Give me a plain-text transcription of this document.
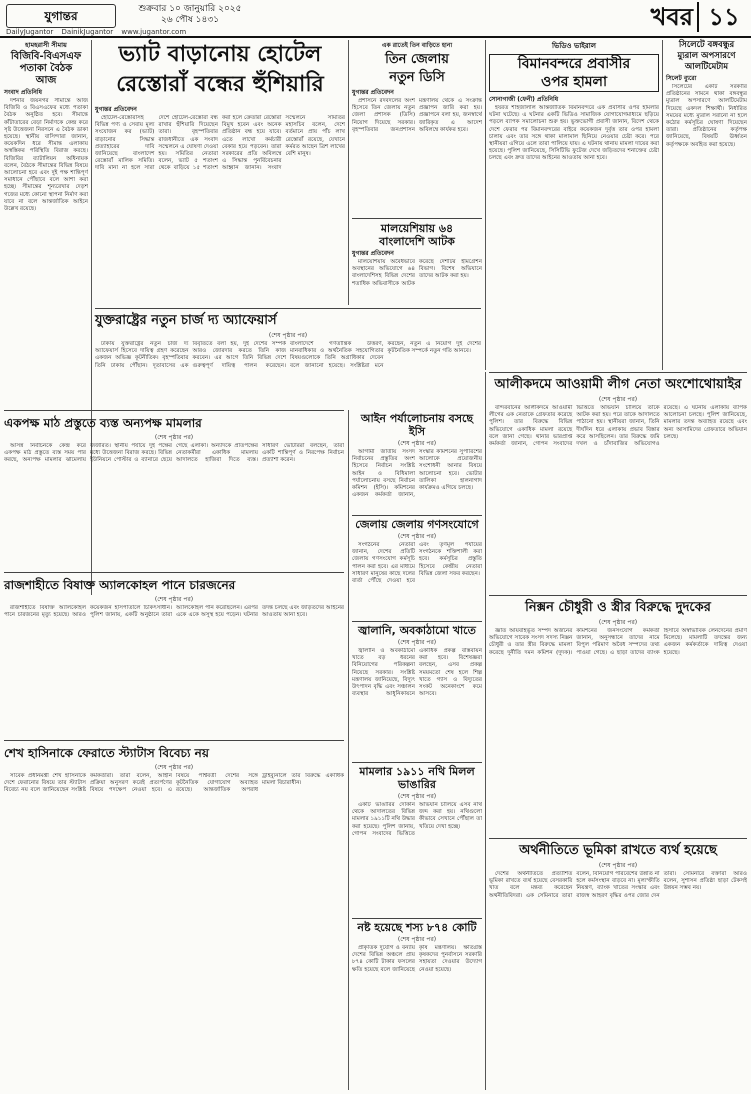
যুগান্তর	শুক্রবার ১০ জানুয়ারি ২০২৫
২৬ পৌষ ১৪৩১
DailyJugantor DainikJugantor www.jugantor.com
খবর ১১
হামহরাসী সীমায়
বিজিবি-বিএসএফ
পতাকা বৈঠক
আজ
সংবাদ প্রতিনিধি

দর্শনার জয়নগর সীমান্তে আজ বিজিবি ও বিএসএফের মধ্যে পতাকা বৈঠক অনুষ্ঠিত হবে। সীমান্তে কাঁটাতারের বেড়া নির্মাণকে কেন্দ্র করে সৃষ্ট উত্তেজনা নিরসনে এ বৈঠক ডাকা হয়েছে। স্থানীয় বাসিন্দারা জানান, কয়েকদিন ধরে সীমান্ত এলাকায় অস্বস্তিকর পরিস্থিতি বিরাজ করছে। বিজিবির ব্যাটালিয়ন অধিনায়ক বলেন, বৈঠকে সীমান্তের বিভিন্ন বিষয়ে আলোচনা হবে এবং দুই পক্ষ শান্তিপূর্ণ সমাধানে পৌঁছাবে বলে আশা করা হচ্ছে। সীমান্তের শূন্যরেখার দেড়শ গজের মধ্যে কোনো স্থাপনা নির্মাণ করা যাবে না বলে আন্তর্জাতিক আইনে উল্লেখ রয়েছে।

ভ্যাট বাড়ানোয় হোটেল
রেস্তোরাঁ বন্ধের হুঁশিয়ারি
যুগান্তর প্রতিবেদন

হোটেল-রেস্তোরাঁসহ বিভিন্ন পণ্য ও সেবায় মূল্য সংযোজন কর (ভ্যাট) বাড়ানোর সিদ্ধান্ত প্রত্যাহারের দাবি জানিয়েছে বাংলাদেশ রেস্তোরাঁ মালিক সমিতি। দাবি মানা না হলে সারা দেশে হোটেল-রেস্তোরাঁ বন্ধ রাখার হুঁশিয়ারি দিয়েছেন তারা। বৃহস্পতিবার রাজধানীতে এক সংবাদ সম্মেলনে এ ঘোষণা দেওয়া হয়। সমিতির নেতারা বলেন, ভ্যাট ৫ শতাংশ থেকে বাড়িয়ে ১৫ শতাংশ করা হলে ক্রেতারা রেস্তোরাঁ বিমুখ হবেন এবং অনেক প্রতিষ্ঠান বন্ধ হয়ে যাবে। এতে লাখো কর্মচারী বেকার হয়ে পড়বেন। তারা সরকারের প্রতি অবিলম্বে এ সিদ্ধান্ত পুনর্বিবেচনার আহ্বান জানান। সংবাদ সম্মেলনে সমিতির মহাসচিব বলেন, দেশে বর্তমানে প্রায় পাঁচ লাখ রেস্তোরাঁ রয়েছে, যেখানে কর্মরত আছেন ত্রিশ লাখের বেশি মানুষ।

এক রাতেই তিন বাড়িতে হানা
তিন জেলায়
নতুন ডিসি
যুগান্তর প্রতিবেদন

প্রশাসনে রদবদলের অংশ হিসেবে তিন জেলায় নতুন জেলা প্রশাসক (ডিসি) নিয়োগ দিয়েছে সরকার। বৃহস্পতিবার জনপ্রশাসন মন্ত্রণালয় থেকে এ সংক্রান্ত প্রজ্ঞাপন জারি করা হয়। প্রজ্ঞাপনে বলা হয়, জনস্বার্থে জারিকৃত এ আদেশ অবিলম্বে কার্যকর হবে।

মালয়েশিয়ায় ৬৪
বাংলাদেশি আটক
যুগান্তর প্রতিবেদন

মালয়েশিয়ায় অবৈধভাবে অবস্থানের অভিযোগে ৬৪ বাংলাদেশিসহ বিভিন্ন দেশের শতাধিক অভিবাসীকে আটক করেছে দেশটির ইমিগ্রেশন বিভাগ। বিশেষ অভিযানে তাদের আটক করা হয়।

ভিডিও ভাইরাল
বিমানবন্দরে প্রবাসীর
ওপর হামলা
সোনাগাজী (ফেনী) প্রতিনিধি

হযরত শাহজালাল আন্তর্জাতিক বিমানবন্দরে এক প্রবাসীর ওপর হামলার ঘটনা ঘটেছে। এ ঘটনার একটি ভিডিও সামাজিক যোগাযোগমাধ্যমে ছড়িয়ে পড়লে ব্যাপক সমালোচনা শুরু হয়। ভুক্তভোগী প্রবাসী জানান, বিদেশ থেকে দেশে ফেরার পর বিমানবন্দরের বাইরে কয়েকজন দুর্বৃত্ত তার ওপর হামলা চালায় এবং তার সঙ্গে থাকা মালামাল ছিনিয়ে নেওয়ার চেষ্টা করে। পরে স্থানীয়রা এগিয়ে এলে তারা পালিয়ে যায়। এ ঘটনায় থানায় মামলা দায়ের করা হয়েছে। পুলিশ জানিয়েছে, সিসিটিভি ফুটেজ দেখে জড়িতদের শনাক্তের চেষ্টা চলছে এবং দ্রুত তাদের আইনের আওতায় আনা হবে।

সিলেটে বঙ্গবন্ধুর
ম্যুরাল অপসারণে
আলটিমেটাম
সিলেট ব্যুরো

সিলেটের একটি সরকারি প্রতিষ্ঠানের সামনে থাকা বঙ্গবন্ধুর ম্যুরাল অপসারণে আলটিমেটাম দিয়েছে একদল শিক্ষার্থী। নির্ধারিত সময়ের মধ্যে ম্যুরাল সরানো না হলে কঠোর কর্মসূচির ঘোষণা দিয়েছেন তারা। প্রতিষ্ঠানের কর্তৃপক্ষ জানিয়েছে, বিষয়টি ঊর্ধ্বতন কর্তৃপক্ষকে অবহিত করা হয়েছে।

যুক্তরাষ্ট্রের নতুন চার্জ দ্য অ্যাফেয়ার্স
(শেষ পৃষ্ঠার পর)

ঢাকায় যুক্তরাষ্ট্রের নতুন চার্জ দ্য অ্যাফেয়ার্স হিসেবে দায়িত্ব গ্রহণ করেছেন একজন অভিজ্ঞ কূটনীতিক। বৃহস্পতিবার তিনি ঢাকায় পৌঁছান। দূতাবাসের এক বিবৃতিতে বলা হয়, দুই দেশের সম্পর্ক আরও জোরদার করতে তিনি কাজ করবেন। এর আগে তিনি বিভিন্ন দেশে গুরুত্বপূর্ণ দায়িত্ব পালন করেছেন। বাংলাদেশে গণতান্ত্রিক উত্তরণ, মানবাধিকার ও অর্থনৈতিক সহযোগিতার বিষয়গুলোকে তিনি অগ্রাধিকার দেবেন বলে জানানো হয়েছে। সংশ্লিষ্টরা মনে করছেন, নতুন এ নিয়োগ দুই দেশের কূটনৈতিক সম্পর্কে নতুন গতি আনবে।

আলীকদমে আওয়ামী লীগ নেতা অংশোথোয়াইর
(শেষ পৃষ্ঠার পর)

বান্দরবানের আলীকদমে আওয়ামী লীগের এক নেতাকে গ্রেফতার করেছে পুলিশ। তার বিরুদ্ধে বিভিন্ন অভিযোগে একাধিক মামলা রয়েছে বলে জানা গেছে। থানার ভারপ্রাপ্ত কর্মকর্তা জানান, গোপন সংবাদের ভিত্তিতে অভিযান চালিয়ে তাকে আটক করা হয়। পরে তাকে আদালতে পাঠানো হয়। স্থানীয়রা জানান, তিনি দীর্ঘদিন ধরে এলাকায় প্রভাব বিস্তার করে আসছিলেন। তার বিরুদ্ধে জমি দখল ও চাঁদাবাজির অভিযোগও রয়েছে। এ ঘটনায় এলাকায় ব্যাপক আলোচনা চলছে। পুলিশ জানিয়েছে, মামলার তদন্ত অব্যাহত রয়েছে এবং অন্য আসামিদের গ্রেফতারে অভিযান চলছে।

একপক্ষ মাঠ প্রস্তুতে ব্যস্ত অন্যপক্ষ মামলার
(শেষ পৃষ্ঠার পর)

আসন্ন নির্বাচনকে কেন্দ্র করে একপক্ষ মাঠ প্রস্তুতে ব্যস্ত সময় পার করছে, অন্যপক্ষ মামলার ঝামেলায় জর্জরিত। স্থানীয় পর্যায়ে দুই পক্ষের মধ্যে উত্তেজনা বিরাজ করছে। বিভিন্ন ইউনিয়নে পোস্টার ও ব্যানারে ছেয়ে গেছে এলাকা। অন্যদিকে প্রতিপক্ষের নেতাকর্মীরা একাধিক মামলায় আদালতে হাজিরা দিতে ব্যস্ত। সাধারণ ভোটাররা বলছেন, তারা একটি শান্তিপূর্ণ ও নিরপেক্ষ নির্বাচন প্রত্যাশা করেন।

আইন পর্যালোচনায় বসছে ইসি
(শেষ পৃষ্ঠার পর)

আগামী জাতীয় সংসদ নির্বাচনের প্রস্তুতির অংশ হিসেবে নির্বাচন সংশ্লিষ্ট আইন ও বিধিমালা পর্যালোচনায় বসছে নির্বাচন কমিশন (ইসি)। কমিশনের একজন কর্মকর্তা জানান, সংস্কার কমিশনের সুপারিশের আলোকে প্রয়োজনীয় সংশোধনী আনার বিষয়ে আলোচনা হবে। ভোটার তালিকা হালনাগাদ কার্যক্রমও এগিয়ে চলছে।

জেলায় জেলায় গণসংযোগে
(শেষ পৃষ্ঠার পর)

সংগঠনের নেতারা জানান, দেশের প্রতিটি জেলায় গণসংযোগ কর্মসূচি পালন করা হবে। এর মাধ্যমে সাধারণ মানুষের কাছে দলের বার্তা পৌঁছে দেওয়া হবে এবং তৃণমূল পর্যায়ের সংগঠনকে শক্তিশালী করা হবে। কর্মসূচির প্রস্তুতি হিসেবে কেন্দ্রীয় নেতারা বিভিন্ন জেলা সফর করছেন।

জ্বালানি, অবকাঠামো খাতে
(শেষ পৃষ্ঠার পর)

জ্বালানি ও অবকাঠামো খাতে বড় ধরনের বিনিয়োগের পরিকল্পনা নিয়েছে সরকার। সংশ্লিষ্ট মন্ত্রণালয় জানিয়েছে, বিদ্যুৎ উৎপাদন বৃদ্ধি এবং সঞ্চালন ব্যবস্থার আধুনিকায়নে একাধিক প্রকল্প বাস্তবায়ন করা হবে। বিশেষজ্ঞরা বলছেন, এসব প্রকল্প সময়মতো শেষ হলে শিল্প খাতে গ্যাস ও বিদ্যুতের সংকট অনেকাংশে কমে আসবে।

মামলার ১৯১১ নথি মিলল ভাঙারির
(শেষ পৃষ্ঠার পর)

একটি ভাঙারির দোকান থেকে আদালতের বিভিন্ন মামলার ১৯১১টি নথি উদ্ধার করা হয়েছে। পুলিশ জানায়, গোপন সংবাদের ভিত্তিতে অভিযান চালিয়ে এসব নথি জব্দ করা হয়। নথিগুলো কীভাবে সেখানে পৌঁছাল তা খতিয়ে দেখা হচ্ছে।

নষ্ট হয়েছে শস্য ৮৭৪ কোটি
(শেষ পৃষ্ঠার পর)

প্রাকৃতিক দুর্যোগ ও বন্যায় দেশের বিভিন্ন অঞ্চলে প্রায় ৮৭৪ কোটি টাকার ফসলের ক্ষতি হয়েছে বলে জানিয়েছে কৃষি মন্ত্রণালয়। ক্ষতিগ্রস্ত কৃষকদের পুনর্বাসনে সরকারি সহায়তা দেওয়ার উদ্যোগ নেওয়া হয়েছে।

রাজশাহীতে বিষাক্ত অ্যালকোহল পানে চারজনের
(শেষ পৃষ্ঠার পর)

রাজশাহীতে বিষাক্ত অ্যালকোহল পানে চারজনের মৃত্যু হয়েছে। আরও কয়েকজন হাসপাতালে চিকিৎসাধীন। পুলিশ জানায়, একটি অনুষ্ঠানে তারা অ্যালকোহল পান করেছিলেন। এরপর একে একে অসুস্থ হয়ে পড়েন। ঘটনার তদন্ত চলছে এবং জড়িতদের আইনের আওতায় আনা হবে।

শেখ হাসিনাকে ফেরাতে স্ট্যাটাস বিবেচ্য নয়
(শেষ পৃষ্ঠার পর)

সাবেক প্রধানমন্ত্রী শেখ হাসিনাকে দেশে ফেরানোর বিষয়ে তার স্ট্যাটাস বিবেচ্য নয় বলে জানিয়েছেন সংশ্লিষ্ট কর্মকর্তারা। তারা বলেন, আইনি প্রক্রিয়া অনুসরণ করেই প্রত্যর্পণের বিষয়ে পদক্ষেপ নেওয়া হবে। এ বিষয়ে পার্শ্ববর্তী দেশের সঙ্গে কূটনৈতিক যোগাযোগ অব্যাহত রয়েছে। আন্তর্জাতিক অপরাধ ট্রাইব্যুনালে তার বিরুদ্ধে একাধিক মামলা বিচারাধীন।

নিক্সন চৌধুরী ও স্ত্রীর বিরুদ্ধে দুদকের
(শেষ পৃষ্ঠার পর)

জ্ঞাত আয়বহির্ভূত সম্পদ অর্জনের অভিযোগে সাবেক সংসদ সদস্য নিক্সন চৌধুরী ও তার স্ত্রীর বিরুদ্ধে মামলা করেছে দুর্নীতি দমন কমিশন (দুদক)। কমিশনের জনসংযোগ কর্মকর্তা জানান, অনুসন্ধানে তাদের নামে বিপুল পরিমাণ অবৈধ সম্পদের তথ্য পাওয়া গেছে। এ ছাড়া তাদের ব্যাংক হিসাবে অস্বাভাবিক লেনদেনের প্রমাণ মিলেছে। মামলাটি তদন্তের জন্য একজন কর্মকর্তাকে দায়িত্ব দেওয়া হয়েছে।

অর্থনীতিতে ভূমিকা রাখতে ব্যর্থ হয়েছে
(শেষ পৃষ্ঠার পর)

দেশের অর্থনীতিতে প্রত্যাশিত ভূমিকা রাখতে ব্যর্থ হয়েছে বেসরকারি খাত বলে মন্তব্য করেছেন অর্থনীতিবিদরা। এক সেমিনারে তারা বলেন, বিনিয়োগ পরিবেশের উন্নতি না হলে কর্মসংস্থান বাড়বে না। মূল্যস্ফীতি নিয়ন্ত্রণ, ব্যাংক খাতের সংস্কার এবং রাজস্ব আহরণ বৃদ্ধির ওপর জোর দেন তারা। সেমিনারে বক্তারা আরও বলেন, সুশাসন প্রতিষ্ঠা ছাড়া টেকসই উন্নয়ন সম্ভব নয়।
